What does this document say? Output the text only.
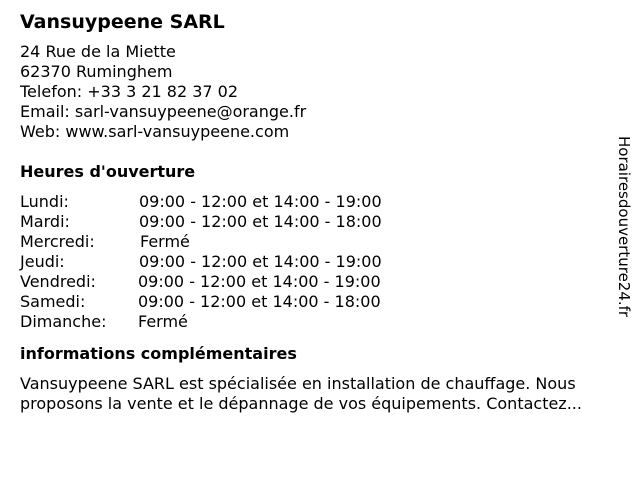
Vansuypeene SARL
24 Rue de la Miette
62370 Ruminghem
Telefon: +33 3 21 82 37 02
Email: sarl-vansuypeene@orange.fr
Web: www.sarl-vansuypeene.com
Heures d'ouverture
Lundi:	09:00 - 12:00 et 14:00 - 19:00
Mardi:	09:00 - 12:00 et 14:00 - 18:00
Mercredi:	Fermé
Jeudi:	09:00 - 12:00 et 14:00 - 19:00
Vendredi:	09:00 - 12:00 et 14:00 - 19:00
Samedi:	09:00 - 12:00 et 14:00 - 18:00
Dimanche: Fermé
informations complémentaires
Vansuypeene SARL est spécialisée en installation de chauffage. Nous
proposons la vente et le dépannage de vos équipements. Contactez...
Horairesdouverture24.fr
